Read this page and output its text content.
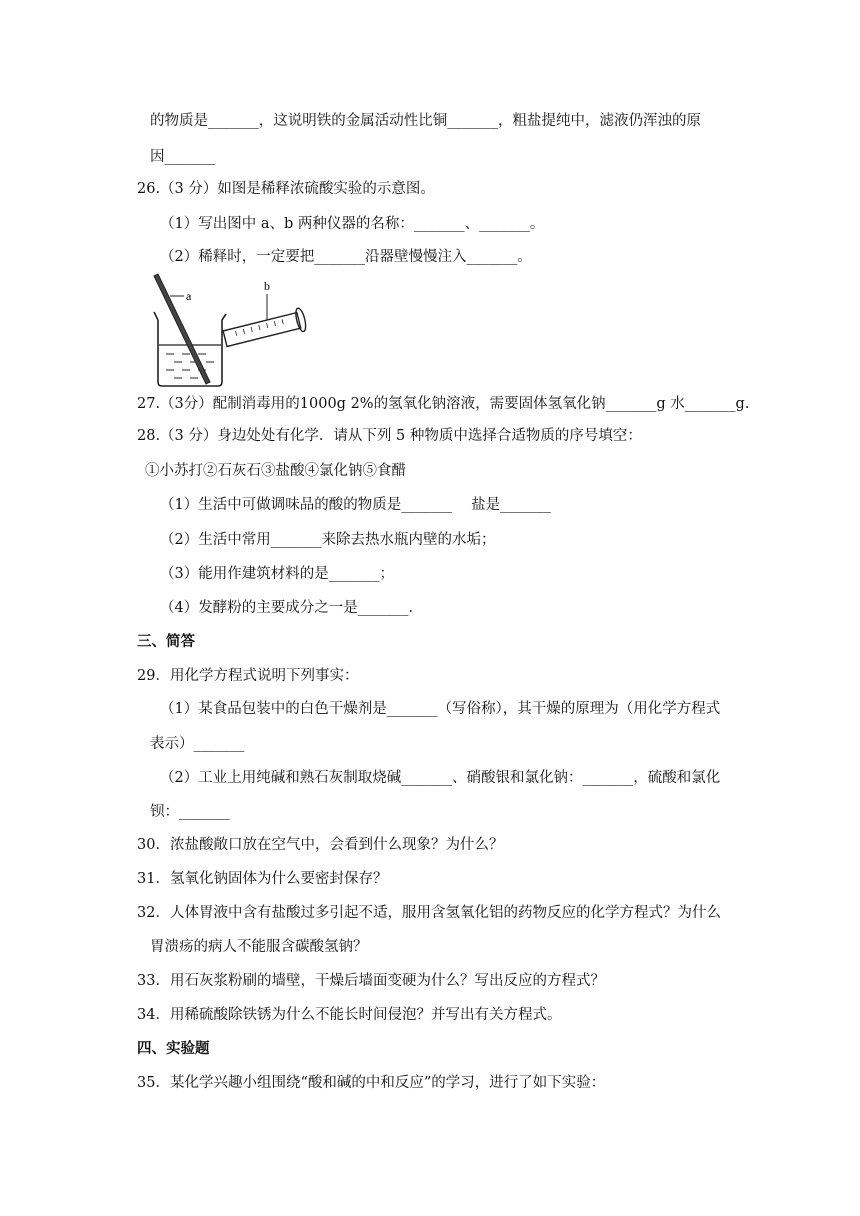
的物质是_______，这说明铁的金属活动性比铜_______，粗盐提纯中，滤液仍浑浊的原
因_______
26.（3 分）如图是稀释浓硫酸实验的示意图。
（1）写出图中 a、b 两种仪器的名称：_______、_______。
（2）稀释时，一定要把_______沿器壁慢慢注入_______。
a
b
27.（3分）配制消毒用的1000g 2%的氢氧化钠溶液，需要固体氢氧化钠_______g 水_______g.
28.（3 分）身边处处有化学．请从下列 5 种物质中选择合适物质的序号填空：
①小苏打②石灰石③盐酸④氯化钠⑤食醋
（1）生活中可做调味品的酸的物质是_______　 盐是_______
（2）生活中常用_______来除去热水瓶内壁的水垢；
（3）能用作建筑材料的是_______；
（4）发酵粉的主要成分之一是_______．
三、简答
29．用化学方程式说明下列事实：
（1）某食品包装中的白色干燥剂是_______（写俗称），其干燥的原理为（用化学方程式
表示）_______
（2）工业上用纯碱和熟石灰制取烧碱_______、硝酸银和氯化钠：_______，硫酸和氯化
钡：_______
30．浓盐酸敞口放在空气中，会看到什么现象？为什么？
31．氢氧化钠固体为什么要密封保存？
32．人体胃液中含有盐酸过多引起不适，服用含氢氧化铝的药物反应的化学方程式？为什么
胃溃疡的病人不能服含碳酸氢钠？
33．用石灰浆粉刷的墙壁，干燥后墙面变硬为什么？写出反应的方程式？
34．用稀硫酸除铁锈为什么不能长时间侵泡？并写出有关方程式。
四、实验题
35．某化学兴趣小组围绕“酸和碱的中和反应”的学习，进行了如下实验：
